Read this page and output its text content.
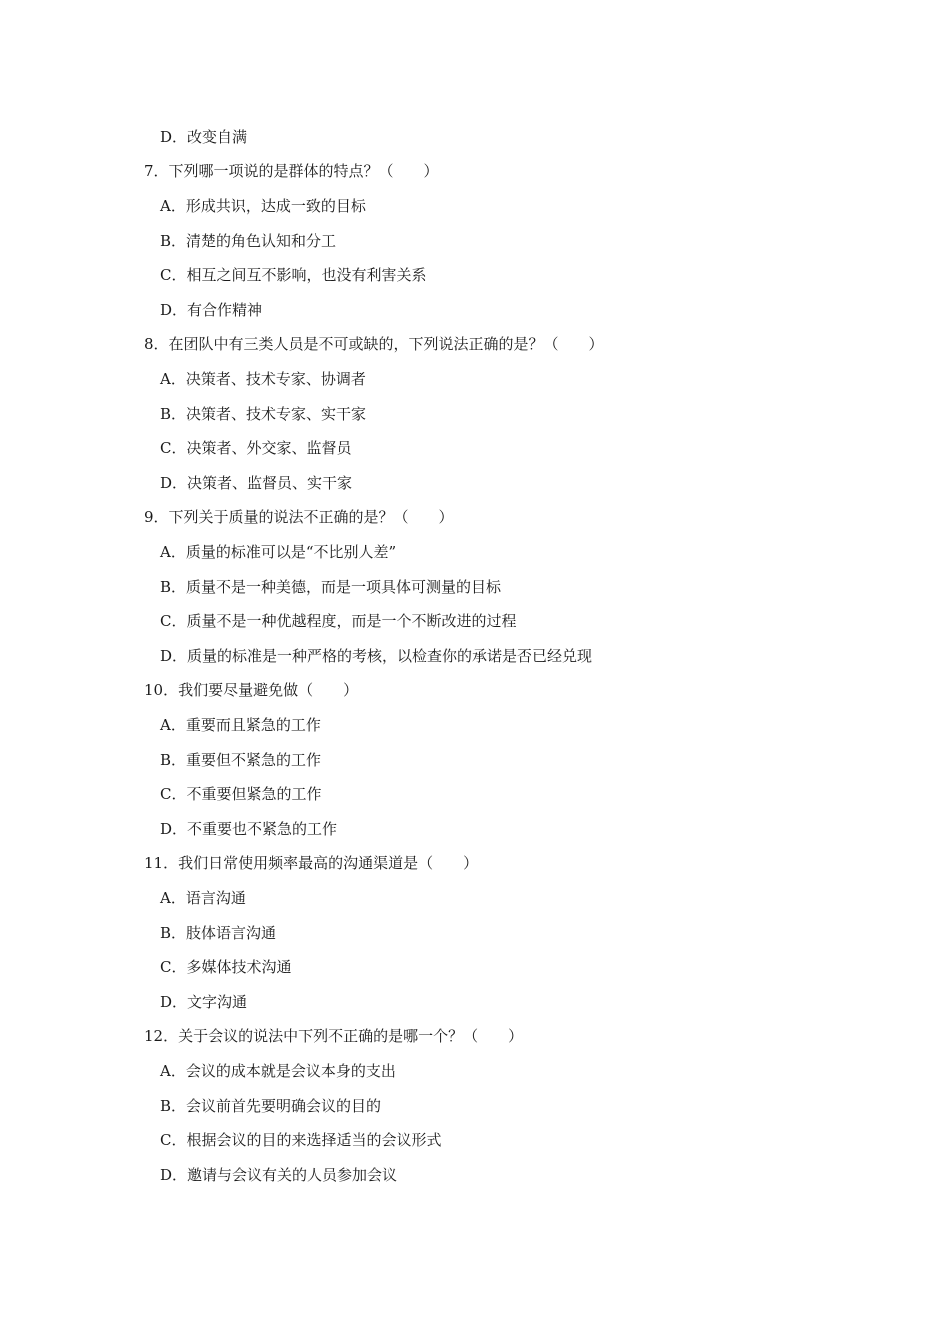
D．改变自满
7．下列哪一项说的是群体的特点？（　　）
A．形成共识，达成一致的目标
B．清楚的角色认知和分工
C．相互之间互不影响，也没有利害关系
D．有合作精神
8．在团队中有三类人员是不可或缺的，下列说法正确的是？（　　）
A．决策者、技术专家、协调者
B．决策者、技术专家、实干家
C．决策者、外交家、监督员
D．决策者、监督员、实干家
9．下列关于质量的说法不正确的是？（　　）
A．质量的标准可以是“不比别人差”
B．质量不是一种美德，而是一项具体可测量的目标
C．质量不是一种优越程度，而是一个不断改进的过程
D．质量的标准是一种严格的考核，以检查你的承诺是否已经兑现
10．我们要尽量避免做（　　）
A．重要而且紧急的工作
B．重要但不紧急的工作
C．不重要但紧急的工作
D．不重要也不紧急的工作
11．我们日常使用频率最高的沟通渠道是（　　）
A．语言沟通
B．肢体语言沟通
C．多媒体技术沟通
D．文字沟通
12．关于会议的说法中下列不正确的是哪一个？（　　）
A．会议的成本就是会议本身的支出
B．会议前首先要明确会议的目的
C．根据会议的目的来选择适当的会议形式
D．邀请与会议有关的人员参加会议
